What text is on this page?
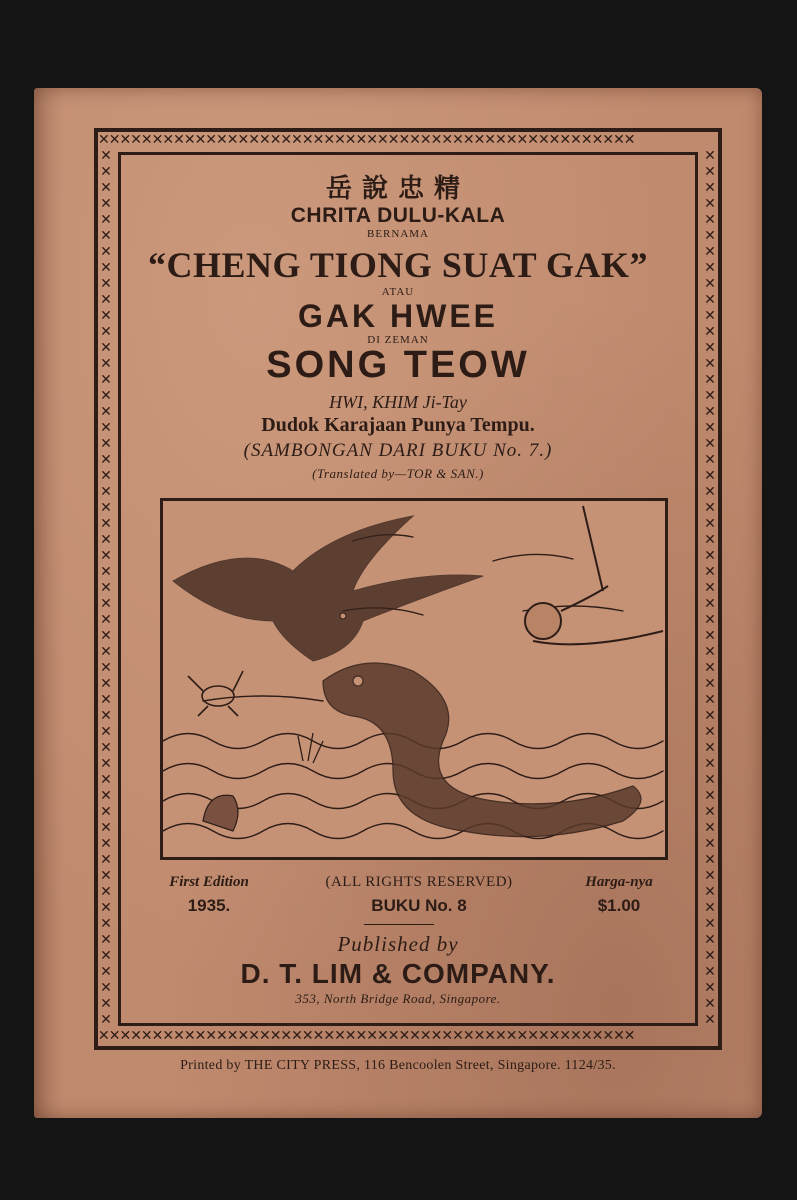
✕✕✕✕✕✕✕✕✕✕✕✕✕✕✕✕✕✕✕✕✕✕✕✕✕✕✕✕✕✕✕✕✕✕✕✕✕✕✕✕✕✕✕✕✕✕✕✕✕✕
✕✕✕✕✕✕✕✕✕✕✕✕✕✕✕✕✕✕✕✕✕✕✕✕✕✕✕✕✕✕✕✕✕✕✕✕✕✕✕✕✕✕✕✕✕✕✕✕✕✕
✕✕✕✕✕✕✕✕✕✕✕✕✕✕✕✕✕✕✕✕✕✕✕✕✕✕✕✕✕✕✕✕✕✕✕✕✕✕✕✕✕✕✕✕✕✕✕✕✕✕✕✕✕✕✕
✕✕✕✕✕✕✕✕✕✕✕✕✕✕✕✕✕✕✕✕✕✕✕✕✕✕✕✕✕✕✕✕✕✕✕✕✕✕✕✕✕✕✕✕✕✕✕✕✕✕✕✕✕✕✕
岳說忠精
CHRITA DULU-KALA
BERNAMA
“CHENG TIONG SUAT GAK”
ATAU
GAK HWEE
DI ZEMAN
SONG TEOW
HWI, KHIM Ji-Tay
Dudok Karajaan Punya Tempu.
(SAMBONGAN DARI BUKU No. 7.)
(Translated by—TOR & SAN.)
First Edition	(ALL RIGHTS RESERVED)	Harga-nya
1935.	BUKU No. 8	$1.00
Published by
D. T. LIM & COMPANY.
353, North Bridge Road, Singapore.
Printed by THE CITY PRESS, 116 Bencoolen Street, Singapore. 1124/35.
